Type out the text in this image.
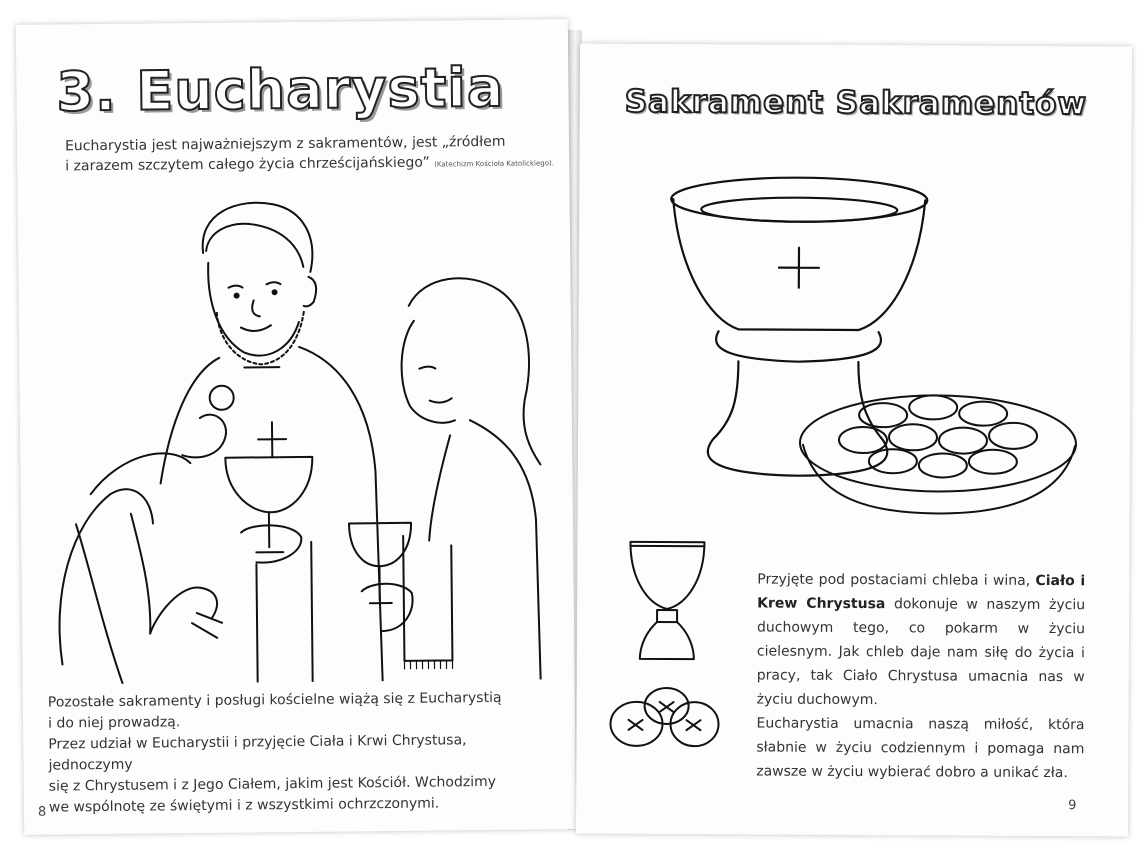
3. Eucharystia
Eucharystia jest najważniejszym z sakramentów, jest „źródłem
i zarazem szczytem całego życia chrześcijańskiego” (Katechizm Kościoła Katolickiego).
Pozostałe sakramenty i posługi kościelne wiążą się z Eucharystią
i do niej prowadzą.
Przez udział w Eucharystii i przyjęcie Ciała i Krwi Chrystusa, jednoczymy
się z Chrystusem i z Jego Ciałem, jakim jest Kościół. Wchodzimy
we wspólnotę ze świętymi i z wszystkimi ochrzczonymi.
8
Sakrament Sakramentów
Przyjęte pod postaciami chleba i wina, Ciało i Krew Chrystusa dokonuje w naszym życiu duchowym tego, co pokarm w życiu cielesnym. Jak chleb daje nam siłę do życia i pracy, tak Ciało Chrystusa umacnia nas w życiu duchowym.
Eucharystia umacnia naszą miłość, która słabnie w życiu codziennym i pomaga nam zawsze w życiu wybierać dobro a unikać zła.
9
